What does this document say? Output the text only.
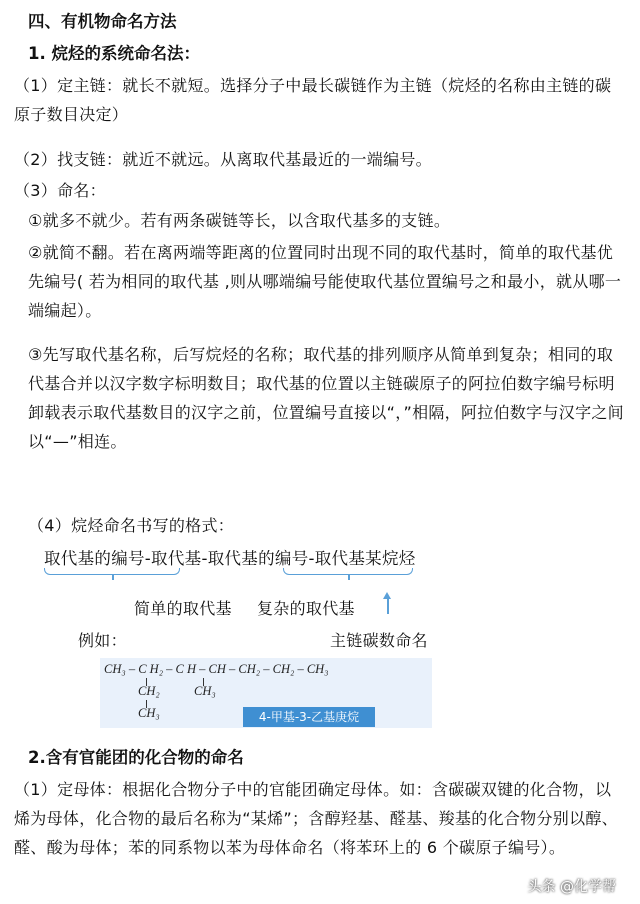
四、有机物命名方法
1. 烷烃的系统命名法：
（1）定主链：就长不就短。选择分子中最长碳链作为主链（烷烃的名称由主链的碳原子数目决定）
（2）找支链：就近不就远。从离取代基最近的一端编号。
（3）命名：
①就多不就少。若有两条碳链等长，以含取代基多的支链。
②就简不翻。若在离两端等距离的位置同时出现不同的取代基时，简单的取代基优先编号( 若为相同的取代基 ,则从哪端编号能使取代基位置编号之和最小，就从哪一端编起）。
③先写取代基名称，后写烷烃的名称；取代基的排列顺序从简单到复杂；相同的取代基合并以汉字数字标明数目；取代基的位置以主链碳原子的阿拉伯数字编号标明卸载表示取代基数目的汉字之前，位置编号直接以“，”相隔，阿拉伯数字与汉字之间以“—”相连。
（4）烷烃命名书写的格式：
取代基的编号-取代基-取代基的编号-取代基某烷烃
简单的取代基 复杂的取代基
例如：	主链碳数命名
CH₃ – C H₂ – C H – CH – CH₂ – CH₂ – CH₃
CH₂
CH₃
CH₃
4-甲基-3-乙基庚烷
2.含有官能团的化合物的命名
（1）定母体：根据化合物分子中的官能团确定母体。如：含碳碳双键的化合物，以烯为母体，化合物的最后名称为“某烯”；含醇羟基、醛基、羧基的化合物分别以醇、醛、酸为母体；苯的同系物以苯为母体命名（将苯环上的 6 个碳原子编号）。
头条 @化学帮
